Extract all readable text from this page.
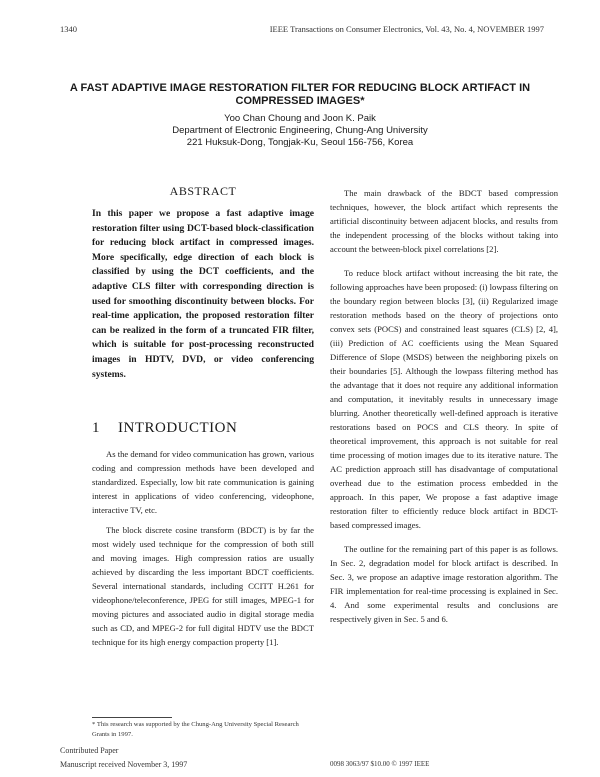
1340	IEEE Transactions on Consumer Electronics, Vol. 43, No. 4, NOVEMBER 1997
A FAST ADAPTIVE IMAGE RESTORATION FILTER FOR REDUCING BLOCK ARTIFACT IN COMPRESSED IMAGES*
Yoo Chan Choung and Joon K. Paik
Department of Electronic Engineering, Chung-Ang University
221 Huksuk-Dong, Tongjak-Ku, Seoul 156-756, Korea
ABSTRACT
In this paper we propose a fast adaptive image restoration filter using DCT-based block-classification for reducing block artifact in compressed images. More specifically, edge direction of each block is classified by using the DCT coefficients, and the adaptive CLS filter with corresponding direction is used for smoothing discontinuity between blocks. For real-time application, the proposed restoration filter can be realized in the form of a truncated FIR filter, which is suitable for post-processing reconstructed images in HDTV, DVD, or video conferencing systems.
1 INTRODUCTION

As the demand for video communication has grown, various coding and compression methods have been developed and standardized. Especially, low bit rate communication is gaining interest in applications of video conferencing, videophone, interactive TV, etc.

The block discrete cosine transform (BDCT) is by far the most widely used technique for the compression of both still and moving images. High compression ratios are usually achieved by discarding the less important BDCT coefficients. Several international standards, including CCITT H.261 for videophone/teleconference, JPEG for still images, MPEG-1 for moving pictures and associated audio in digital storage media such as CD, and MPEG-2 for full digital HDTV use the BDCT technique for its high energy compaction property [1].

The main drawback of the BDCT based compression techniques, however, the block artifact which represents the artificial discontinuity between adjacent blocks, and results from the independent processing of the blocks without taking into account the between-block pixel correlations [2].

To reduce block artifact without increasing the bit rate, the following approaches have been proposed: (i) lowpass filtering on the boundary region between blocks [3], (ii) Regularized image restoration methods based on the theory of projections onto convex sets (POCS) and constrained least squares (CLS) [2, 4], (iii) Prediction of AC coefficients using the Mean Squared Difference of Slope (MSDS) between the neighboring pixels on their boundaries [5]. Although the lowpass filtering method has the advantage that it does not require any additional information and computation, it inevitably results in unnecessary image blurring. Another theoretically well-defined approach is iterative restorations based on POCS and CLS theory. In spite of theoretical improvement, this approach is not suitable for real time processing of motion images due to its iterative nature. The AC prediction approach still has disadvantage of computational overhead due to the estimation process embedded in the approach. In this paper, We propose a fast adaptive image restoration filter to efficiently reduce block artifact in BDCT-based compressed images.

The outline for the remaining part of this paper is as follows. In Sec. 2, degradation model for block artifact is described. In Sec. 3, we propose an adaptive image restoration algorithm. The FIR implementation for real-time processing is explained in Sec. 4. And some experimental results and conclusions are respectively given in Sec. 5 and 6.

* This research was supported by the Chung-Ang University Special Research Grants in 1997.
Contributed Paper
Manuscript received November 3, 1997	0098 3063/97 $10.00 © 1997 IEEE
